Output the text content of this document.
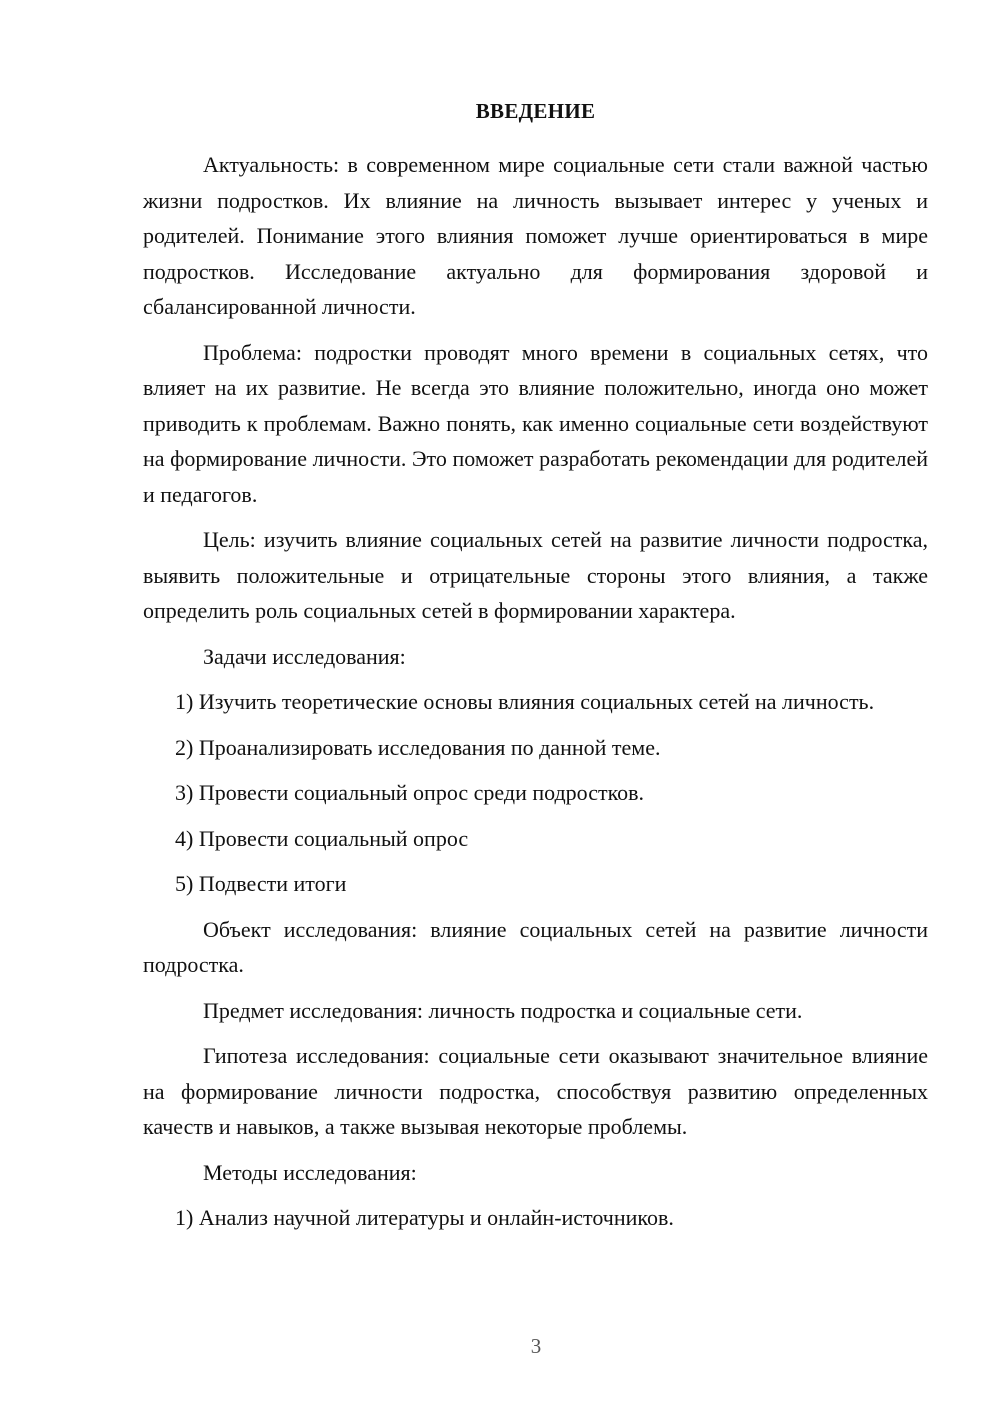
ВВЕДЕНИЕ

Актуальность: в современном мире социальные сети стали важной частью жизни подростков. Их влияние на личность вызывает интерес у ученых и родителей. Понимание этого влияния поможет лучше ориентироваться в мире подростков. Исследование актуально для формирования здоровой и сбалансированной личности.

Проблема: подростки проводят много времени в социальных сетях, что влияет на их развитие. Не всегда это влияние положительно, иногда оно может приводить к проблемам. Важно понять, как именно социальные сети воздействуют на формирование личности. Это поможет разработать рекомендации для родителей и педагогов.

Цель: изучить влияние социальных сетей на развитие личности подростка, выявить положительные и отрицательные стороны этого влияния, а также определить роль социальных сетей в формировании характера.

Задачи исследования:

1) Изучить теоретические основы влияния социальных сетей на личность.

2) Проанализировать исследования по данной теме.

3) Провести социальный опрос среди подростков.

4) Провести социальный опрос

5) Подвести итоги

Объект исследования: влияние социальных сетей на развитие личности подростка.

Предмет исследования: личность подростка и социальные сети.

Гипотеза исследования: социальные сети оказывают значительное влияние на формирование личности подростка, способствуя развитию определенных качеств и навыков, а также вызывая некоторые проблемы.

Методы исследования:

1) Анализ научной литературы и онлайн-источников.

3
